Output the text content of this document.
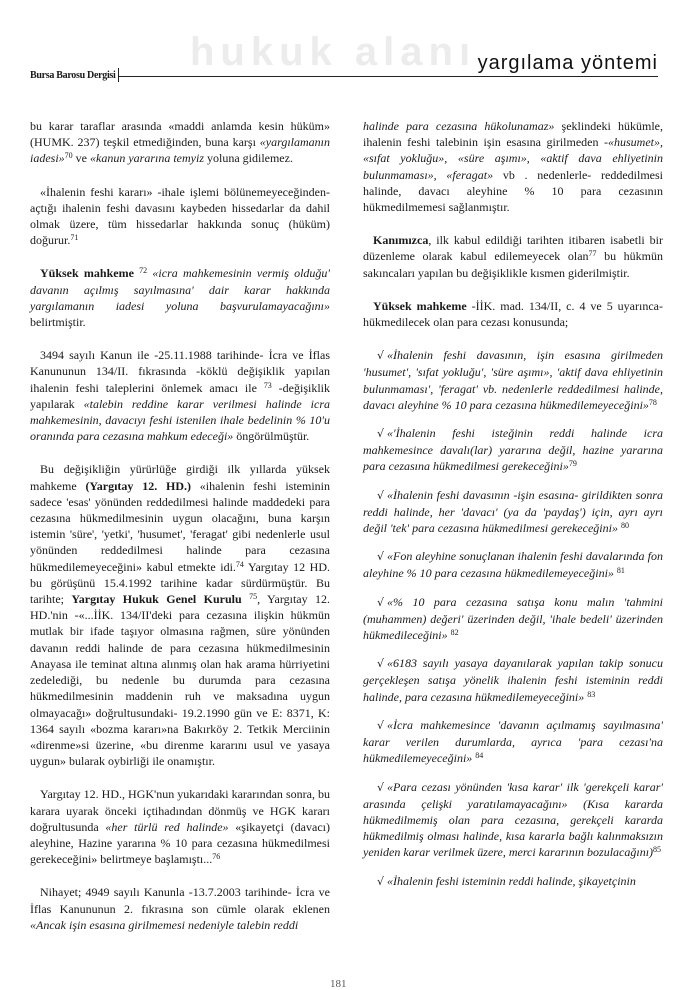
hukuk alanı
Bursa Barosu Dergisi
yargılama yöntemi

bu karar taraflar arasında «maddi anlamda kesin hüküm» (HUMK. 237) teşkil etmediğinden, buna karşı «yargılamanın iadesi»$^{70}$ ve «kanun yararına temyiz yoluna gidilemez.

«İhalenin feshi kararı» -ihale işlemi bölünemeyeceğinden-açtığı ihalenin feshi davasını kaybeden hissedarlar da dahil olmak üzere, tüm hissedarlar hakkında sonuç (hüküm) doğurur.$^{71}$

Yüksek mahkeme $^{72}$ «icra mahkemesinin vermiş olduğu' davanın açılmış sayılmasına' dair karar hakkında yargılamanın iadesi yoluna başvurulamayacağını» belirtmiştir.

3494 sayılı Kanun ile -25.11.1988 tarihinde- İcra ve İflas Kanununun 134/II. fıkrasında -köklü değişiklik yapılan ihalenin feshi taleplerini önlemek amacı ile $^{73}$ -değişiklik yapılarak «talebin reddine karar verilmesi halinde icra mahkemesinin, davacıyı feshi istenilen ihale bedelinin % 10'u oranında para cezasına mahkum edeceği» öngörülmüştür.

Bu değişikliğin yürürlüğe girdiği ilk yıllarda yüksek mahkeme (Yargıtay 12. HD.) «ihalenin feshi isteminin sadece 'esas' yönünden reddedilmesi halinde maddedeki para cezasına hükmedilmesinin uygun olacağını, buna karşın istemin 'süre', 'yetki', 'husumet', 'feragat' gibi nedenlerle usul yönünden reddedilmesi halinde para cezasına hükmedilemeyeceğini» kabul etmekte idi.$^{74}$ Yargıtay 12 HD. bu görüşünü 15.4.1992 tarihine kadar sürdürmüştür. Bu tarihte; Yargıtay Hukuk Genel Kurulu $^{75}$, Yargıtay 12. HD.'nin -«...İİK. 134/II'deki para cezasına ilişkin hükmün mutlak bir ifade taşıyor olmasına rağmen, süre yönünden davanın reddi halinde de para cezasına hükmedilmesinin Anayasa ile teminat altına alınmış olan hak arama hürriyetini zedelediği, bu nedenle bu durumda para cezasına hükmedilmesinin maddenin ruh ve maksadına uygun olmayacağı» doğrultusundaki- 19.2.1990 gün ve E: 8371, K: 1364 sayılı «bozma kararı»na Bakırköy 2. Tetkik Merciinin «direnme»si üzerine, «bu direnme kararını usul ve yasaya uygun» bularak oybirliği ile onamıştır.

Yargıtay 12. HD., HGK'nun yukarıdaki kararından sonra, bu karara uyarak önceki içtihadından dönmüş ve HGK kararı doğrultusunda «her türlü red halinde» «şikayetçi (davacı) aleyhine, Hazine yararına % 10 para cezasına hükmedilmesi gerekeceğini» belirtmeye başlamıştı...$^{76}$

Nihayet; 4949 sayılı Kanunla -13.7.2003 tarihinde- İcra ve İflas Kanununun 2. fıkrasına son cümle olarak eklenen «Ancak işin esasına girilmemesi nedeniyle talebin reddi

halinde para cezasına hükolunamaz» şeklindeki hükümle, ihalenin feshi talebinin işin esasına girilmeden -«husumet», «sıfat yokluğu», «süre aşımı», «aktif dava ehliyetinin bulunmaması», «feragat» vb . nedenlerle- reddedilmesi halinde, davacı aleyhine % 10 para cezasının hükmedilmemesi sağlanmıştır.

Kanımızca, ilk kabul edildiği tarihten itibaren isabetli bir düzenleme olarak kabul edilemeyecek olan$^{77}$ bu hükmün sakıncaları yapılan bu değişiklikle kısmen giderilmiştir.

Yüksek mahkeme -İİK. mad. 134/II, c. 4 ve 5 uyarınca- hükmedilecek olan para cezası konusunda;

√ «İhalenin feshi davasının, işin esasına girilmeden 'husumet', 'sıfat yokluğu', 'süre aşımı», 'aktif dava ehliyetinin bulunmaması', 'feragat' vb. nedenlerle reddedilmesi halinde, davacı aleyhine % 10 para cezasına hükmedilemeyeceğini»$^{78}$

√ «'İhalenin feshi isteğinin reddi halinde icra mahkemesince davalı(lar) yararına değil, hazine yararına para cezasına hükmedilmesi gerekeceğini»$^{79}$

√ «İhalenin feshi davasının -işin esasına- girildikten sonra reddi halinde, her 'davacı' (ya da 'paydaş') için, ayrı ayrı değil 'tek' para cezasına hükmedilmesi gerekeceğini» $^{80}$

√ «Fon aleyhine sonuçlanan ihalenin feshi davalarında fon aleyhine % 10 para cezasına hükmedilemeyeceğini» $^{81}$

√ «% 10 para cezasına satışa konu malın 'tahmini (muhammen) değeri' üzerinden değil, 'ihale bedeli' üzerinden hükmedileceğini» $^{82}$

√ «6183 sayılı yasaya dayanılarak yapılan takip sonucu gerçekleşen satışa yönelik ihalenin feshi isteminin reddi halinde, para cezasına hükmedilemeyeceğini» $^{83}$

√ «İcra mahkemesince 'davanın açılmamış sayılmasına' karar verilen durumlarda, ayrıca 'para cezası'na hükmedilemeyeceğini» $^{84}$

√ «Para cezası yönünden 'kısa karar' ilk 'gerekçeli karar' arasında çelişki yaratılamayacağını» (Kısa kararda hükmedilmemiş olan para cezasına, gerekçeli kararda hükmedilmiş olması halinde, kısa kararla bağlı kalınmaksızın yeniden karar verilmek üzere, merci kararının bozulacağını)$^{85}$

√ «İhalenin feshi isteminin reddi halinde, şikayetçinin

181
